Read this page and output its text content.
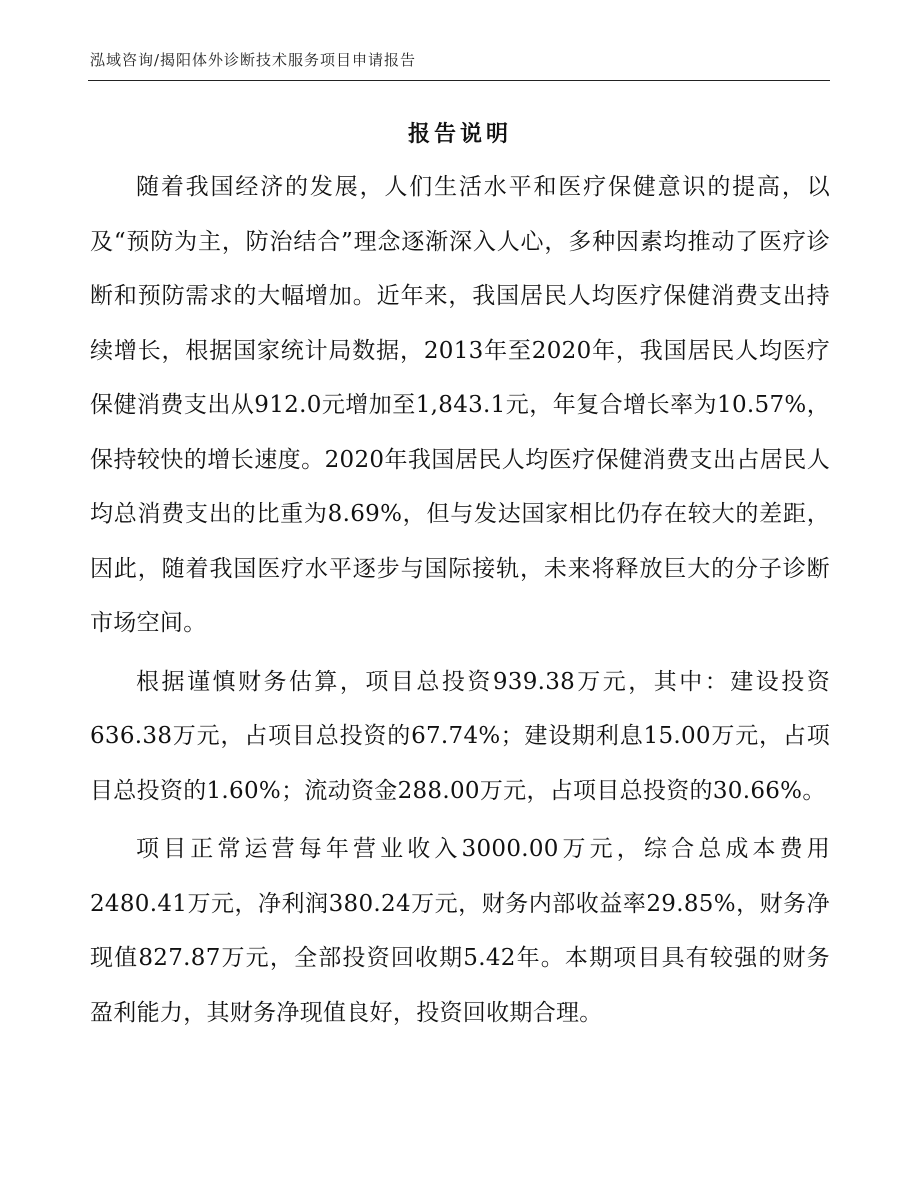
泓域咨询/揭阳体外诊断技术服务项目申请报告
报告说明

随着我国经济的发展，人们生活水平和医疗保健意识的提高，以及“预防为主，防治结合”理念逐渐深入人心，多种因素均推动了医疗诊断和预防需求的大幅增加。近年来，我国居民人均医疗保健消费支出持续增长，根据国家统计局数据，2013年至2020年，我国居民人均医疗保健消费支出从912.0元增加至1,843.1元，年复合增长率为10.57%，保持较快的增长速度。2020年我国居民人均医疗保健消费支出占居民人均总消费支出的比重为8.69%，但与发达国家相比仍存在较大的差距，因此，随着我国医疗水平逐步与国际接轨，未来将释放巨大的分子诊断市场空间。

根据谨慎财务估算，项目总投资939.38万元，其中：建设投资636.38万元，占项目总投资的67.74%；建设期利息15.00万元，占项目总投资的1.60%；流动资金288.00万元，占项目总投资的30.66%。

项目正常运营每年营业收入3000.00万元，综合总成本费用2480.41万元，净利润380.24万元，财务内部收益率29.85%，财务净现值827.87万元，全部投资回收期5.42年。本期项目具有较强的财务盈利能力，其财务净现值良好，投资回收期合理。
